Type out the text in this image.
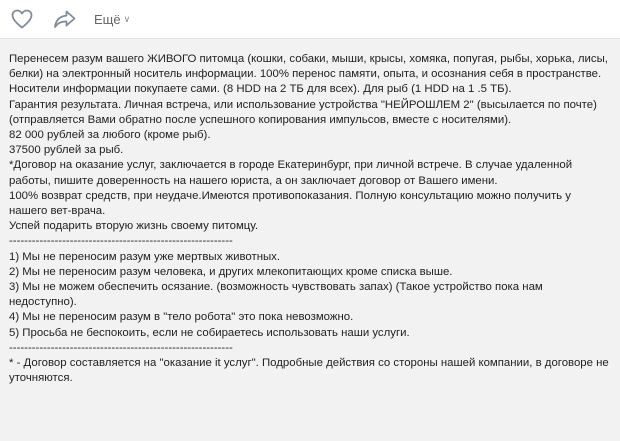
Ещё ∨

Перенесем разум вашего ЖИВОГО питомца (кошки, собаки, мыши, крысы, хомяка, попугая, рыбы, хорька, лисы, белки) на электронный носитель информации. 100% перенос памяти, опыта, и осознания себя в пространстве.

Носители информации покупаете сами. (8 HDD на 2 ТБ для всех). Для рыб (1 HDD на 1 .5 ТБ).

Гарантия результата. Личная встреча, или использование устройства "НЕЙРОШЛЕМ 2" (высылается по почте)(отправляется Вами обратно после успешного копирования импульсов, вместе с носителями).

82 000 рублей за любого (кроме рыб).

37500 рублей за рыб.

*Договор на оказание услуг, заключается в городе Екатеринбург, при личной встрече. В случае удаленной работы, пишите доверенность на нашего юриста, а он заключает договор от Вашего имени.

100% возврат средств, при неудаче.Имеются противопоказания. Полную консультацию можно получить у нашего вет-врача.

Успей подарить вторую жизнь своему питомцу.

-----------------------------------------------------------

1) Мы не переносим разум уже мертвых животных.

2) Мы не переносим разум человека, и других млекопитающих кроме списка выше.

3) Мы не можем обеспечить осязание. (возможность чувствовать запах) (Такое устройство пока нам недоступно).

4) Мы не переносим разум в "тело робота" это пока невозможно.

5) Просьба не беспокоить, если не собираетесь использовать наши услуги.

-----------------------------------------------------------

* - Договор составляется на "оказание it услуг". Подробные действия со стороны нашей компании, в договоре не уточняются.
